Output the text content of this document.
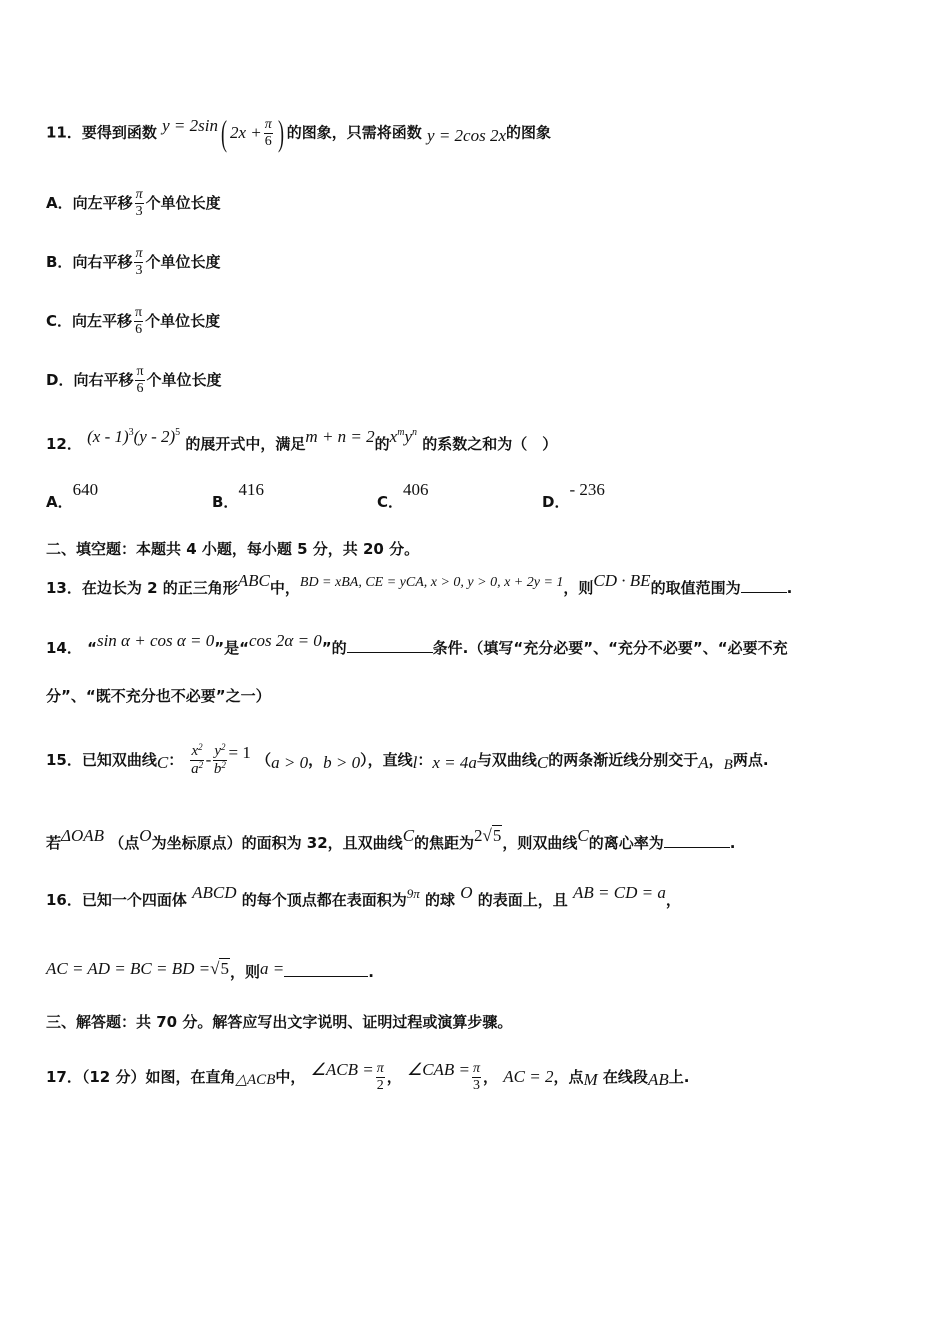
11．要得到函数 y = 2sin( $2x + \frac{\pi}{6}$ ) 的图象，只需将函数 y = 2cos 2x的图象
A．向左平移 $\frac{\pi}{3}$ 个单位长度
B．向右平移 $\frac{\pi}{3}$ 个单位长度
C．向左平移 $\frac{\pi}{6}$ 个单位长度
D．向右平移 $\frac{\pi}{6}$ 个单位长度
12． (x - 1)$^3$(y - 2)$^5$ 的展开式中，满足m + n = 2的$x^my^n$ 的系数之和为（　）
A．640
B．416
C．406
D．- 236
二、填空题：本题共 4 小题，每小题 5 分，共 20 分。
13．在边长为 2 的正三角形ABC中，BD = xBA, CE = yCA, x > 0, y > 0, x + 2y = 1，则CD · BE的取值范围为	.
14． “sin α + cos α = 0”是“cos 2α = 0”的	条件.（填写“充分必要”、“充分不必要”、“必要不充
分”、“既不充分也不必要”之一）
15．已知双曲线C： $\frac{x^2}{a^2} - \frac{y^2}{b^2} = 1$ （a > 0，b > 0），直线l：x = 4a与双曲线C的两条渐近线分别交于A，B两点.
若ΔOAB （点O为坐标原点）的面积为 32，且双曲线C的焦距为2√5，则双曲线C的离心率为	.
16．已知一个四面体 ABCD 的每个顶点都在表面积为9π 的球 O 的表面上，且 AB = CD = a，
AC = AD = BC = BD =√5，则a =	.
三、解答题：共 70 分。解答应写出文字说明、证明过程或演算步骤。
17．（12 分）如图，在直角△ACB中， ∠ACB = $\frac{\pi}{2}$ ， ∠CAB = $\frac{\pi}{3}$ ， AC = 2，点M 在线段AB上.
